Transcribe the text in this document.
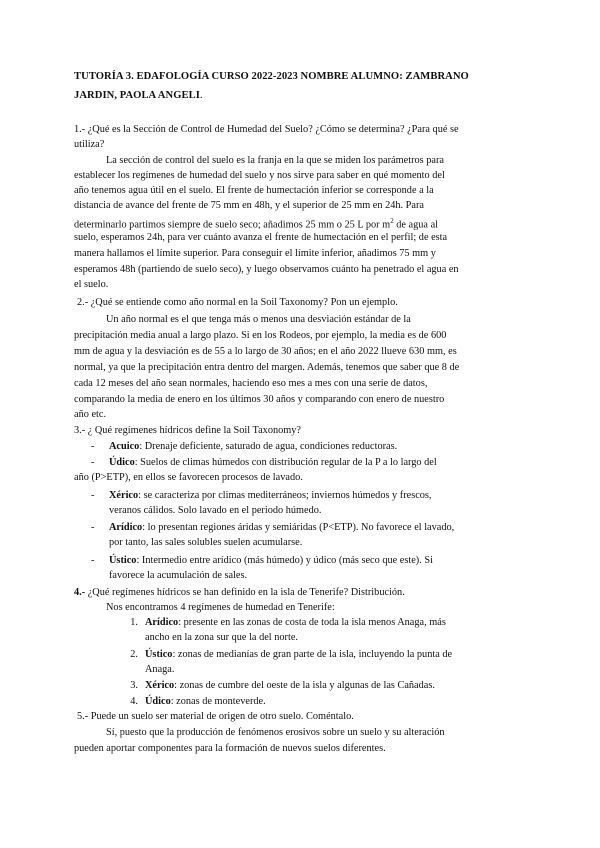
TUTORÍA 3. EDAFOLOGÍA CURSO 2022-2023 NOMBRE ALUMNO: ZAMBRANO
JARDIN, PAOLA ANGELI.
1.- ¿Qué es la Sección de Control de Humedad del Suelo? ¿Cómo se determina? ¿Para qué se
utiliza?
La sección de control del suelo es la franja en la que se miden los parámetros para
establecer los regímenes de humedad del suelo y nos sirve para saber en qué momento del
año tenemos agua útil en el suelo. El frente de humectación inferior se corresponde a la
distancia de avance del frente de 75 mm en 48h, y el superior de 25 mm en 24h. Para
determinarlo partimos siempre de suelo seco; añadimos 25 mm o 25 L por $m^2$ de agua al
suelo, esperamos 24h, para ver cuánto avanza el frente de humectación en el perfil; de esta
manera hallamos el límite superior. Para conseguir el límite inferior, añadimos 75 mm y
esperamos 48h (partiendo de suelo seco), y luego observamos cuánto ha penetrado el agua en
el suelo.
2.- ¿Qué se entiende como año normal en la Soil Taxonomy? Pon un ejemplo.
Un año normal es el que tenga más o menos una desviación estándar de la
precipitación media anual a largo plazo. Si en los Rodeos, por ejemplo, la media es de 600
mm de agua y la desviación es de 55 a lo largo de 30 años; en el año 2022 llueve 630 mm, es
normal, ya que la precipitación entra dentro del margen. Además, tenemos que saber que 8 de
cada 12 meses del año sean normales, haciendo eso mes a mes con una serie de datos,
comparando la media de enero en los últimos 30 años y comparando con enero de nuestro
año etc.
3.- ¿ Qué regímenes hídricos define la Soil Taxonomy?
- Acuico: Drenaje deficiente, saturado de agua, condiciones reductoras.
- Údico: Suelos de climas húmedos con distribución regular de la P a lo largo del
año (P>ETP), en ellos se favorecen procesos de lavado.
- Xérico: se caracteriza por climas mediterráneos; inviernos húmedos y frescos,
veranos cálidos. Solo lavado en el periodo húmedo.
- Arídico: lo presentan regiones áridas y semiáridas (P<ETP). No favorece el lavado,
por tanto, las sales solubles suelen acumularse.
- Ústico: Intermedio entre arídico (más húmedo) y údico (más seco que este). Si
favorece la acumulación de sales.
4.- ¿Qué regímenes hídricos se han definido en la isla de Tenerife? Distribución.
Nos encontramos 4 regímenes de humedad en Tenerife:
1. Arídico: presente en las zonas de costa de toda la isla menos Anaga, más
ancho en la zona sur que la del norte.
2. Ústico: zonas de medianías de gran parte de la isla, incluyendo la punta de
Anaga.
3. Xérico: zonas de cumbre del oeste de la isla y algunas de las Cañadas.
4. Údico: zonas de monteverde.
5.- Puede un suelo ser material de origen de otro suelo. Coméntalo.
Sí, puesto que la producción de fenómenos erosivos sobre un suelo y su alteración
pueden aportar componentes para la formación de nuevos suelos diferentes.
